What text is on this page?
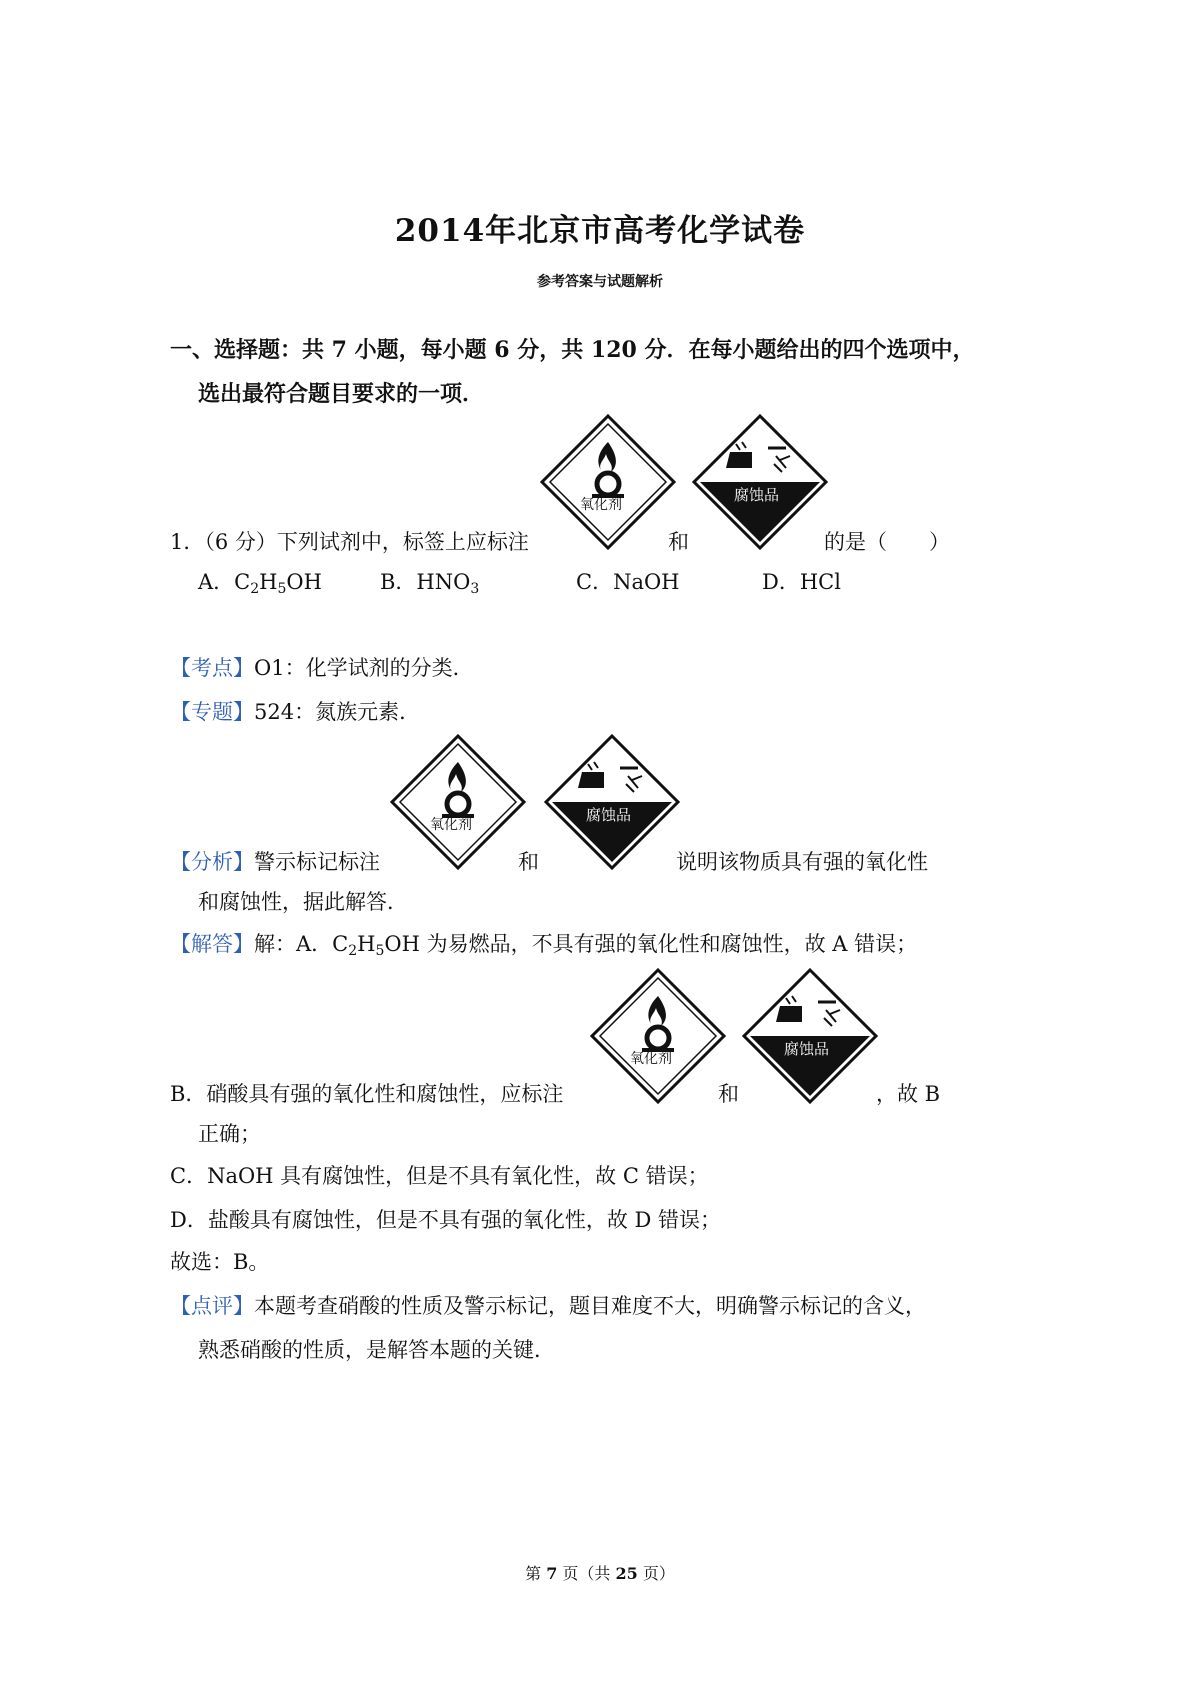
2014年北京市高考化学试卷
参考答案与试题解析
一、选择题：共 7 小题，每小题 6 分，共 120 分．在每小题给出的四个选项中，
选出最符合题目要求的一项．
1．（6 分）下列试剂中，标签上应标注
氧化剂
和
腐蚀品
的是（　　）
A．$C_2H_5OH$	B．$HNO_3$	C．NaOH	D．HCl
【考点】O1：化学试剂的分类．
【专题】524：氮族元素．
【分析】警示标记标注
氧化剂
和
腐蚀品
说明该物质具有强的氧化性
和腐蚀性，据此解答．
【解答】解：A．$C_2H_5OH$ 为易燃品，不具有强的氧化性和腐蚀性，故 A 错误；
B．硝酸具有强的氧化性和腐蚀性，应标注
氧化剂
和
腐蚀品
，故 B
正确；
C．NaOH 具有腐蚀性，但是不具有氧化性，故 C 错误；
D．盐酸具有腐蚀性，但是不具有强的氧化性，故 D 错误；
故选：B。
【点评】本题考查硝酸的性质及警示标记，题目难度不大，明确警示标记的含义，
熟悉硝酸的性质，是解答本题的关键．
第 7 页（共 25 页）
